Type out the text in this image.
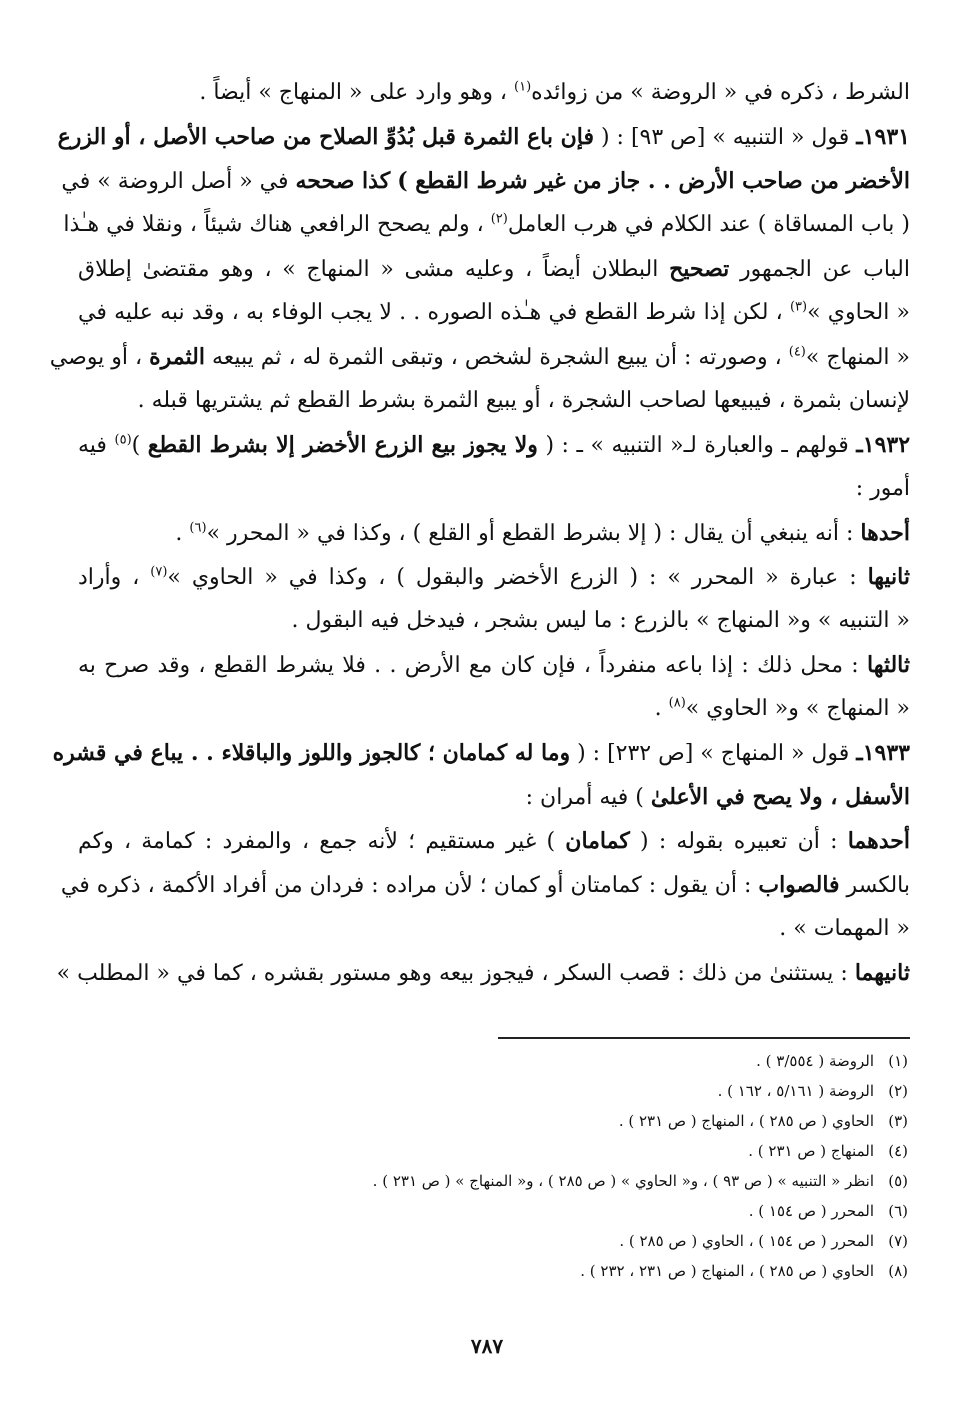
الشرط ، ذكره في « الروضة » من زوائده$^{(١)}$ ، وهو وارد على « المنهاج » أيضاً .
١٩٣١ـ قول « التنبيه » [ص ٩٣] : ( فإن باع الثمرة قبل بُدُوِّ الصلاح من صاحب الأصل ، أو الزرع
الأخضر من صاحب الأرض . . جاز من غير شرط القطع ) كذا صححه في « أصل الروضة » في
( باب المساقاة ) عند الكلام في هرب العامل$^{(٢)}$ ، ولم يصحح الرافعي هناك شيئاً ، ونقلا في هـٰذا
الباب عن الجمهور تصحيح البطلان أيضاً ، وعليه مشى « المنهاج » ، وهو مقتضىٰ إطلاق
« الحاوي »$^{(٣)}$ ، لكن إذا شرط القطع في هـٰذه الصوره . . لا يجب الوفاء به ، وقد نبه عليه في
« المنهاج »$^{(٤)}$ ، وصورته : أن يبيع الشجرة لشخص ، وتبقى الثمرة له ، ثم يبيعه الثمرة ، أو يوصي
لإنسان بثمرة ، فيبيعها لصاحب الشجرة ، أو يبيع الثمرة بشرط القطع ثم يشتريها قبله .
١٩٣٢ـ قولهم ـ والعبارة لـ« التنبيه » ـ : ( ولا يجوز بيع الزرع الأخضر إلا بشرط القطع )$^{(٥)}$ فيه
أمور :
أحدها : أنه ينبغي أن يقال : ( إلا بشرط القطع أو القلع ) ، وكذا في « المحرر »$^{(٦)}$ .
ثانيها : عبارة « المحرر » : ( الزرع الأخضر والبقول ) ، وكذا في « الحاوي »$^{(٧)}$ ، وأراد
« التنبيه » و« المنهاج » بالزرع : ما ليس بشجر ، فيدخل فيه البقول .
ثالثها : محل ذلك : إذا باعه منفرداً ، فإن كان مع الأرض . . فلا يشرط القطع ، وقد صرح به
« المنهاج » و« الحاوي »$^{(٨)}$ .
١٩٣٣ـ قول « المنهاج » [ص ٢٣٢] : ( وما له كمامان ؛ كالجوز واللوز والباقلاء . . يباع في قشره
الأسفل ، ولا يصح في الأعلىٰ ) فيه أمران :
أحدهما : أن تعبيره بقوله : ( كمامان ) غير مستقيم ؛ لأنه جمع ، والمفرد : كمامة ، وكم
بالكسر فالصواب : أن يقول : كمامتان أو كمان ؛ لأن مراده : فردان من أفراد الأكمة ، ذكره في
« المهمات » .
ثانيهما : يستثنىٰ من ذلك : قصب السكر ، فيجوز بيعه وهو مستور بقشره ، كما في « المطلب »
(١)الروضة ( ٣/٥٥٤ ) .
(٢)الروضة ( ٥/١٦١ ، ١٦٢ ) .
(٣)الحاوي ( ص ٢٨٥ ) ، المنهاج ( ص ٢٣١ ) .
(٤)المنهاج ( ص ٢٣١ ) .
(٥)انظر « التنبيه » ( ص ٩٣ ) ، و« الحاوي » ( ص ٢٨٥ ) ، و« المنهاج » ( ص ٢٣١ ) .
(٦)المحرر ( ص ١٥٤ ) .
(٧)المحرر ( ص ١٥٤ ) ، الحاوي ( ص ٢٨٥ ) .
(٨)الحاوي ( ص ٢٨٥ ) ، المنهاج ( ص ٢٣١ ، ٢٣٢ ) .
٧٨٧
